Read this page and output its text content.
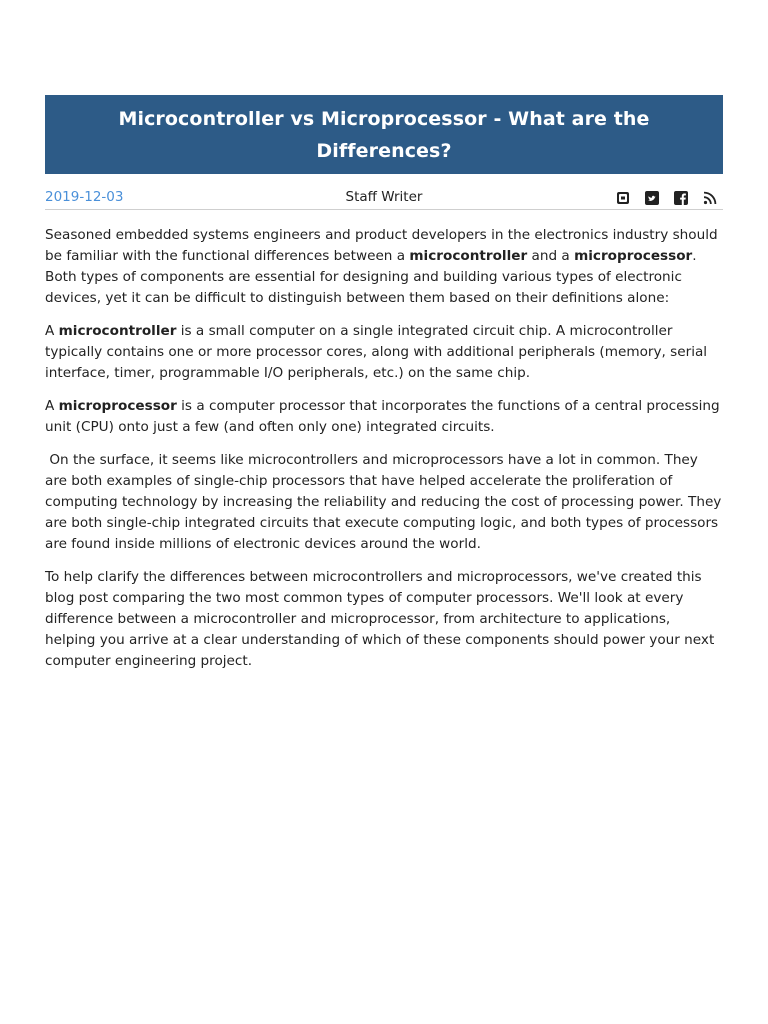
Microcontroller vs Microprocessor - What are the Differences?
2019-12-03	Staff Writer

Seasoned embedded systems engineers and product developers in the electronics industry should be familiar with the functional differences between a microcontroller and a microprocessor. Both types of components are essential for designing and building various types of electronic devices, yet it can be difficult to distinguish between them based on their definitions alone:

A microcontroller is a small computer on a single integrated circuit chip. A microcontroller typically contains one or more processor cores, along with additional peripherals (memory, serial interface, timer, programmable I/O peripherals, etc.) on the same chip.

A microprocessor is a computer processor that incorporates the functions of a central processing unit (CPU) onto just a few (and often only one) integrated circuits.

On the surface, it seems like microcontrollers and microprocessors have a lot in common. They are both examples of single-chip processors that have helped accelerate the proliferation of computing technology by increasing the reliability and reducing the cost of processing power. They are both single-chip integrated circuits that execute computing logic, and both types of processors are found inside millions of electronic devices around the world.

To help clarify the differences between microcontrollers and microprocessors, we've created this blog post comparing the two most common types of computer processors. We'll look at every difference between a microcontroller and microprocessor, from architecture to applications, helping you arrive at a clear understanding of which of these components should power your next computer engineering project.
